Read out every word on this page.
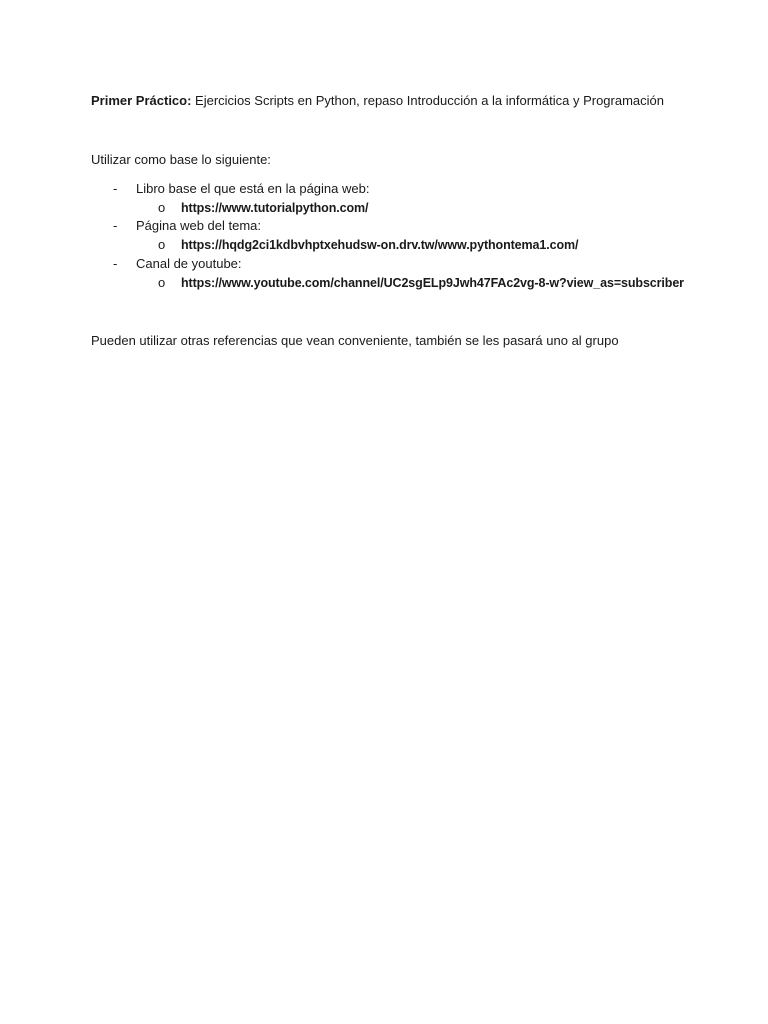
Primer Práctico: Ejercicios Scripts en Python, repaso Introducción a la informática y Programación
Utilizar como base lo siguiente:
- Libro base el que está en la página web:
o https://www.tutorialpython.com/
- Página web del tema:
o https://hqdg2ci1kdbvhptxehudsw-on.drv.tw/www.pythontema1.com/
- Canal de youtube:
o https://www.youtube.com/channel/UC2sgELp9Jwh47FAc2vg-8-w?view_as=subscriber
Pueden utilizar otras referencias que vean conveniente, también se les pasará uno al grupo
